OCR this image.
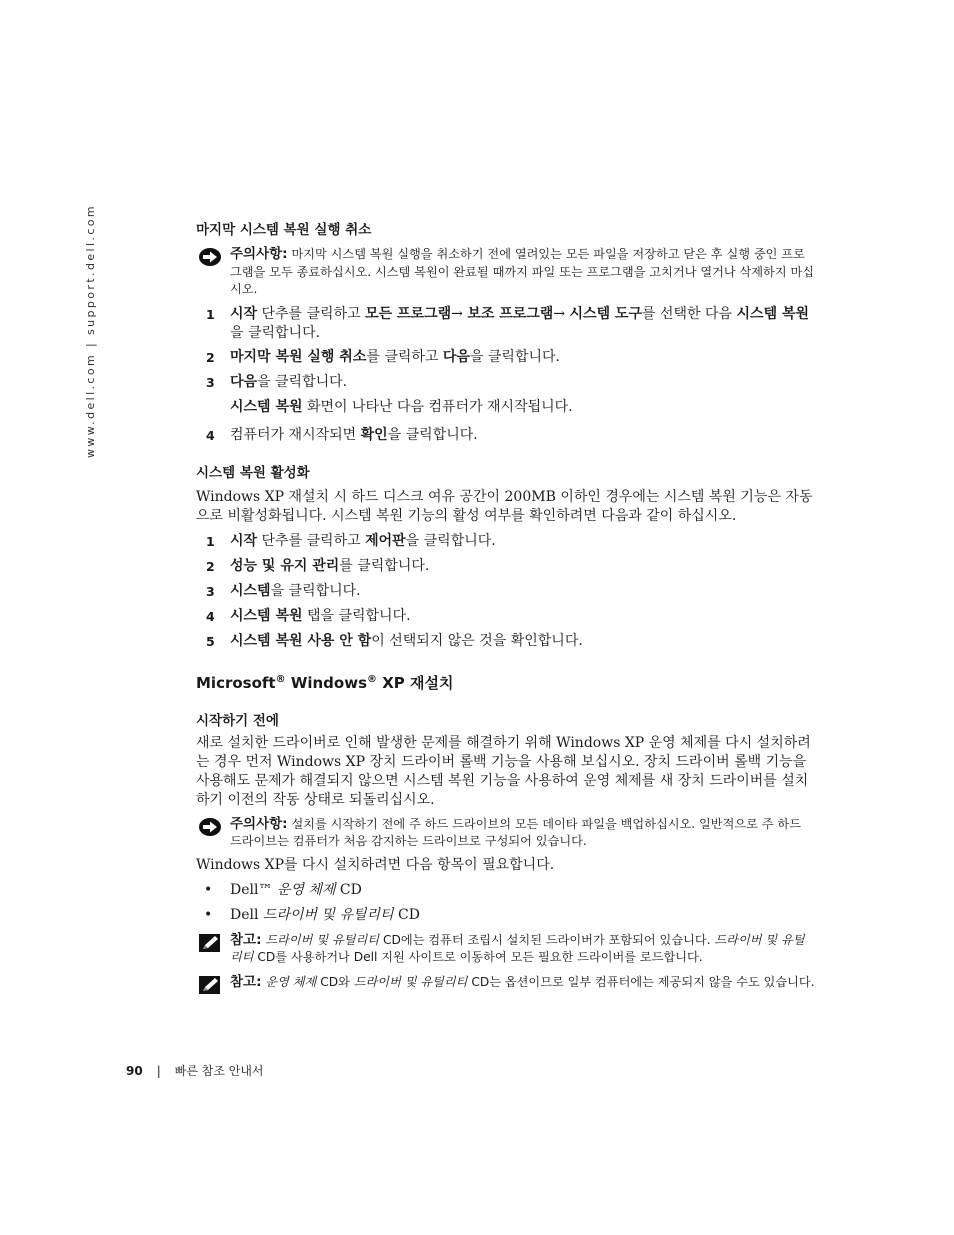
www.dell.com | support.dell.com	마지막 시스템 복원 실행 취소
주의사항: 마지막 시스템 복원 실행을 취소하기 전에 열려있는 모든 파일을 저장하고 닫은 후 실행 중인 프로그램을 모두 종료하십시오. 시스템 복원이 완료될 때까지 파일 또는 프로그램을 고치거나 열거나 삭제하지 마십시오.
1 시작 단추를 클릭하고 모든 프로그램→ 보조 프로그램→ 시스템 도구를 선택한 다음 시스템 복원을 클릭합니다.
2 마지막 복원 실행 취소를 클릭하고 다음을 클릭합니다.
3 다음을 클릭합니다.
시스템 복원 화면이 나타난 다음 컴퓨터가 재시작됩니다.
4 컴퓨터가 재시작되면 확인을 클릭합니다.
시스템 복원 활성화

Windows XP 재설치 시 하드 디스크 여유 공간이 200MB 이하인 경우에는 시스템 복원 기능은 자동으로 비활성화됩니다. 시스템 복원 기능의 활성 여부를 확인하려면 다음과 같이 하십시오.

1 시작 단추를 클릭하고 제어판을 클릭합니다.
2 성능 및 유지 관리를 클릭합니다.
3 시스템을 클릭합니다.
4 시스템 복원 탭을 클릭합니다.
5 시스템 복원 사용 안 함이 선택되지 않은 것을 확인합니다.
Microsoft® Windows® XP 재설치
시작하기 전에

새로 설치한 드라이버로 인해 발생한 문제를 해결하기 위해 Windows XP 운영 체제를 다시 설치하려는 경우 먼저 Windows XP 장치 드라이버 롤백 기능을 사용해 보십시오. 장치 드라이버 롤백 기능을 사용해도 문제가 해결되지 않으면 시스템 복원 기능을 사용하여 운영 체제를 새 장치 드라이버를 설치하기 이전의 작동 상태로 되돌리십시오.

주의사항: 설치를 시작하기 전에 주 하드 드라이브의 모든 데이타 파일을 백업하십시오. 일반적으로 주 하드 드라이브는 컴퓨터가 처음 감지하는 드라이브로 구성되어 있습니다.

Windows XP를 다시 설치하려면 다음 항목이 필요합니다.

• Dell™ 운영 체제 CD
• Dell 드라이버 및 유틸리티 CD
참고: 드라이버 및 유틸리티 CD에는 컴퓨터 조립시 설치된 드라이버가 포함되어 있습니다. 드라이버 및 유틸리티 CD를 사용하거나 Dell 지원 사이트로 이동하여 모든 필요한 드라이버를 로드합니다.
참고: 운영 체제 CD와 드라이버 및 유틸리티 CD는 옵션이므로 일부 컴퓨터에는 제공되지 않을 수도 있습니다.
90 | 빠른 참조 안내서
